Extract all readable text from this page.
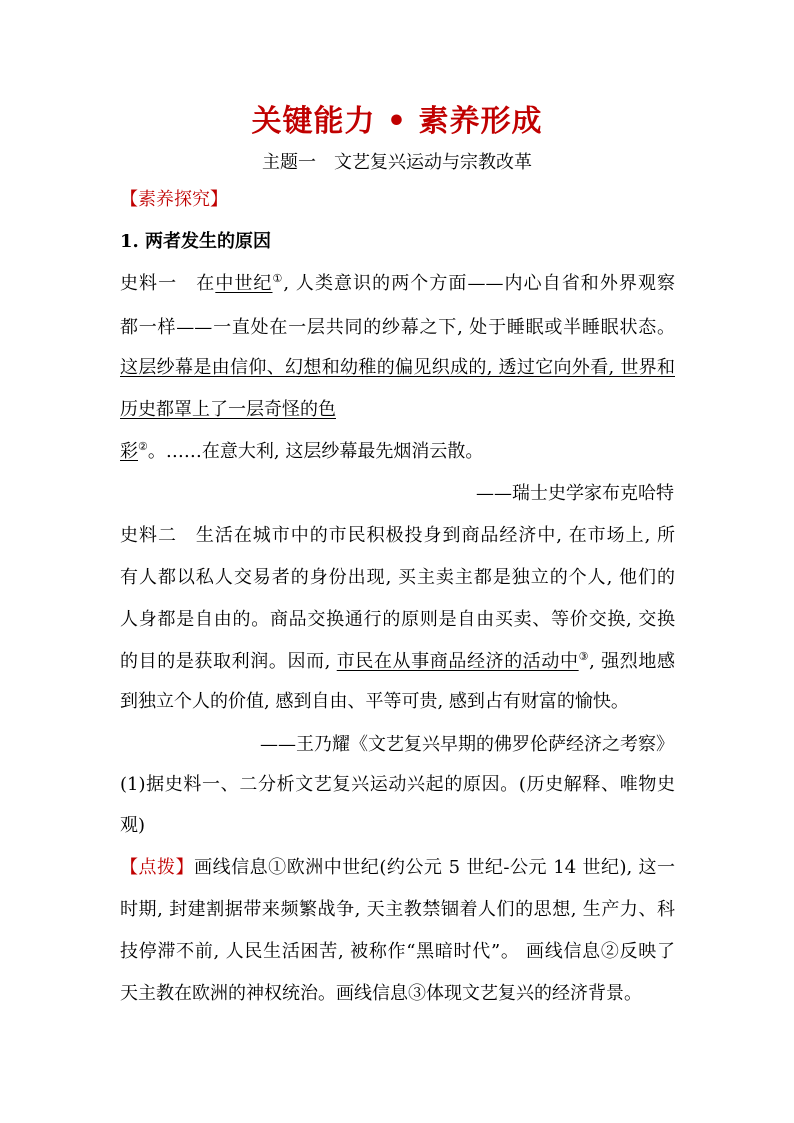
关键能力 • 素养形成
主题一　文艺复兴运动与宗教改革
【素养探究】
1. 两者发生的原因
史料一　在中世纪①, 人类意识的两个方面——内心自省和外界观察
都一样——一直处在一层共同的纱幕之下, 处于睡眠或半睡眠状态。
这层纱幕是由信仰、幻想和幼稚的偏见织成的, 透过它向外看, 世界和
历史都罩上了一层奇怪的色
彩②。……在意大利, 这层纱幕最先烟消云散。
——瑞士史学家布克哈特
史料二　生活在城市中的市民积极投身到商品经济中, 在市场上, 所
有人都以私人交易者的身份出现, 买主卖主都是独立的个人, 他们的
人身都是自由的。商品交换通行的原则是自由买卖、等价交换, 交换
的目的是获取利润。因而, 市民在从事商品经济的活动中③, 强烈地感
到独立个人的价值, 感到自由、平等可贵, 感到占有财富的愉快。
——王乃耀《文艺复兴早期的佛罗伦萨经济之考察》
(1)据史料一、二分析文艺复兴运动兴起的原因。(历史解释、唯物史
观)
【点拨】画线信息①欧洲中世纪(约公元 5 世纪-公元 14 世纪), 这一
时期, 封建割据带来频繁战争, 天主教禁锢着人们的思想, 生产力、科
技停滞不前, 人民生活困苦, 被称作“黑暗时代”。 画线信息②反映了
天主教在欧洲的神权统治。画线信息③体现文艺复兴的经济背景。
